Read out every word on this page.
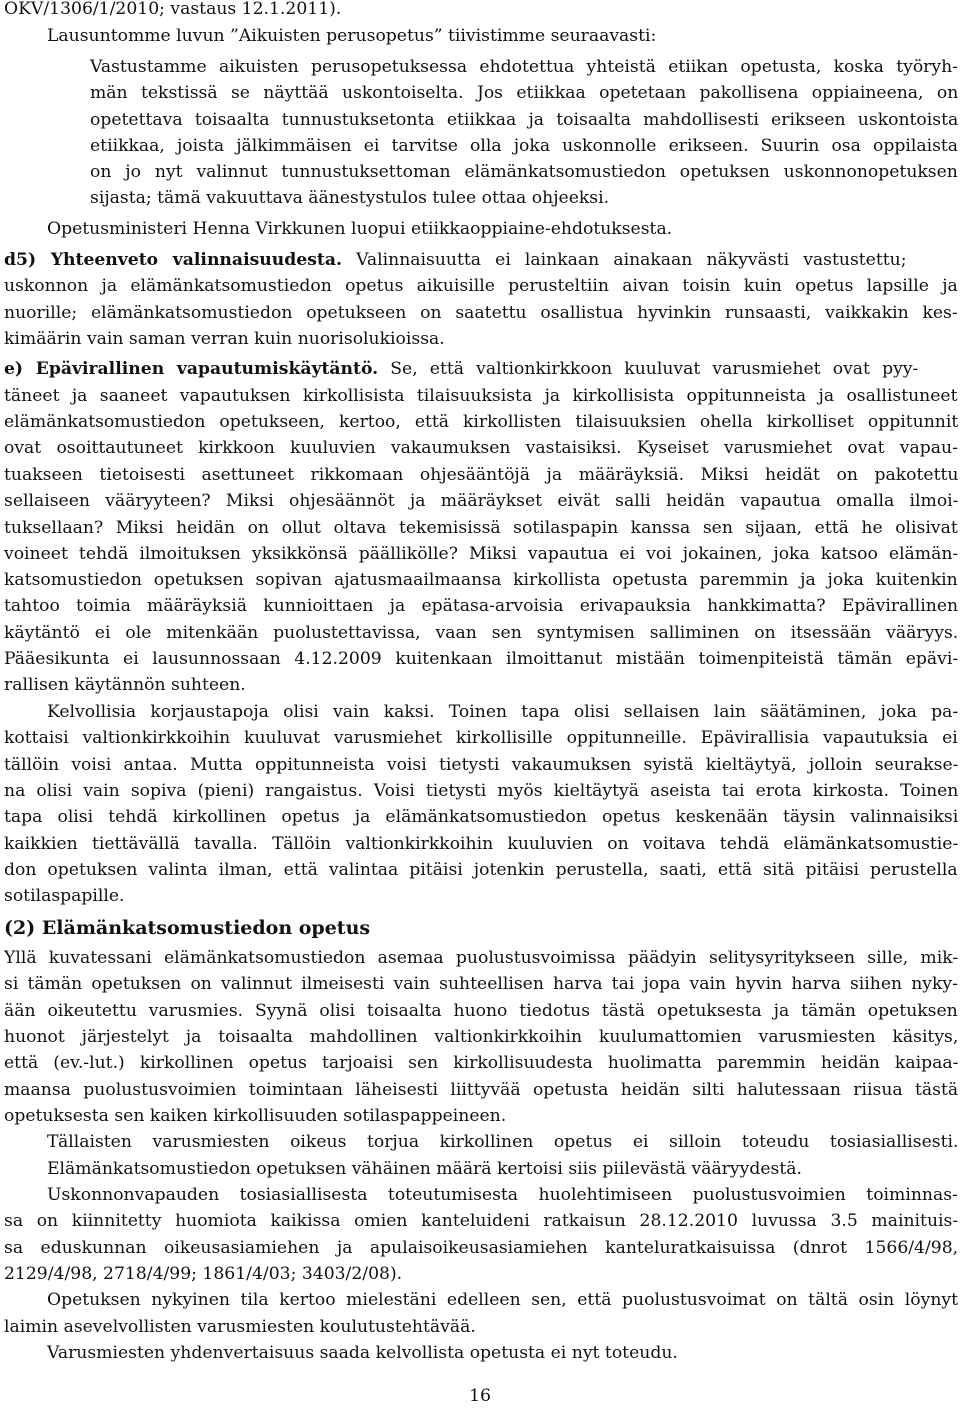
OKV/1306/1/2010; vastaus 12.1.2011).
Lausuntomme luvun ”Aikuisten perusopetus” tiivistimme seuraavasti:
Vastustamme aikuisten perusopetuksessa ehdotettua yhteistä etiikan opetusta, koska työryh-
män tekstissä se näyttää uskontoiselta. Jos etiikkaa opetetaan pakollisena oppiaineena, on
opetettava toisaalta tunnustuksetonta etiikkaa ja toisaalta mahdollisesti erikseen uskontoista
etiikkaa, joista jälkimmäisen ei tarvitse olla joka uskonnolle erikseen. Suurin osa oppilaista
on jo nyt valinnut tunnustuksettoman elämänkatsomustiedon opetuksen uskonnonopetuksen
sijasta; tämä vakuuttava äänestystulos tulee ottaa ohjeeksi.
Opetusministeri Henna Virkkunen luopui etiikkaoppiaine-ehdotuksesta.
d5) Yhteenveto valinnaisuudesta. Valinnaisuutta ei lainkaan ainakaan näkyvästi vastustettu;
uskonnon ja elämänkatsomustiedon opetus aikuisille perusteltiin aivan toisin kuin opetus lapsille ja
nuorille; elämänkatsomustiedon opetukseen on saatettu osallistua hyvinkin runsaasti, vaikkakin kes-
kimäärin vain saman verran kuin nuorisolukioissa.
e) Epävirallinen vapautumiskäytäntö. Se, että valtionkirkkoon kuuluvat varusmiehet ovat pyy-
täneet ja saaneet vapautuksen kirkollisista tilaisuuksista ja kirkollisista oppitunneista ja osallistuneet
elämänkatsomustiedon opetukseen, kertoo, että kirkollisten tilaisuuksien ohella kirkolliset oppitunnit
ovat osoittautuneet kirkkoon kuuluvien vakaumuksen vastaisiksi. Kyseiset varusmiehet ovat vapau-
tuakseen tietoisesti asettuneet rikkomaan ohjesääntöjä ja määräyksiä. Miksi heidät on pakotettu
sellaiseen vääryyteen? Miksi ohjesäännöt ja määräykset eivät salli heidän vapautua omalla ilmoi-
tuksellaan? Miksi heidän on ollut oltava tekemisissä sotilaspapin kanssa sen sijaan, että he olisivat
voineet tehdä ilmoituksen yksikkönsä päällikölle? Miksi vapautua ei voi jokainen, joka katsoo elämän-
katsomustiedon opetuksen sopivan ajatusmaailmaansa kirkollista opetusta paremmin ja joka kuitenkin
tahtoo toimia määräyksiä kunnioittaen ja epätasa-arvoisia erivapauksia hankkimatta? Epävirallinen
käytäntö ei ole mitenkään puolustettavissa, vaan sen syntymisen salliminen on itsessään vääryys.
Pääesikunta ei lausunnossaan 4.12.2009 kuitenkaan ilmoittanut mistään toimenpiteistä tämän epävi-
rallisen käytännön suhteen.
Kelvollisia korjaustapoja olisi vain kaksi. Toinen tapa olisi sellaisen lain säätäminen, joka pa-
kottaisi valtionkirkkoihin kuuluvat varusmiehet kirkollisille oppitunneille. Epävirallisia vapautuksia ei
tällöin voisi antaa. Mutta oppitunneista voisi tietysti vakaumuksen syistä kieltäytyä, jolloin seurakse-
na olisi vain sopiva (pieni) rangaistus. Voisi tietysti myös kieltäytyä aseista tai erota kirkosta. Toinen
tapa olisi tehdä kirkollinen opetus ja elämänkatsomustiedon opetus keskenään täysin valinnaisiksi
kaikkien tiettävällä tavalla. Tällöin valtionkirkkoihin kuuluvien on voitava tehdä elämänkatsomustie-
don opetuksen valinta ilman, että valintaa pitäisi jotenkin perustella, saati, että sitä pitäisi perustella
sotilaspapille.
(2) Elämänkatsomustiedon opetus
Yllä kuvatessani elämänkatsomustiedon asemaa puolustusvoimissa päädyin selitysyritykseen sille, mik-
si tämän opetuksen on valinnut ilmeisesti vain suhteellisen harva tai jopa vain hyvin harva siihen nyky-
ään oikeutettu varusmies. Syynä olisi toisaalta huono tiedotus tästä opetuksesta ja tämän opetuksen
huonot järjestelyt ja toisaalta mahdollinen valtionkirkkoihin kuulumattomien varusmiesten käsitys,
että (ev.-lut.) kirkollinen opetus tarjoaisi sen kirkollisuudesta huolimatta paremmin heidän kaipaa-
maansa puolustusvoimien toimintaan läheisesti liittyvää opetusta heidän silti halutessaan riisua tästä
opetuksesta sen kaiken kirkollisuuden sotilaspappeineen.
Tällaisten varusmiesten oikeus torjua kirkollinen opetus ei silloin toteudu tosiasiallisesti.
Elämänkatsomustiedon opetuksen vähäinen määrä kertoisi siis piilevästä vääryydestä.
Uskonnonvapauden tosiasiallisesta toteutumisesta huolehtimiseen puolustusvoimien toiminnas-
sa on kiinnitetty huomiota kaikissa omien kanteluideni ratkaisun 28.12.2010 luvussa 3.5 mainituis-
sa eduskunnan oikeusasiamiehen ja apulaisoikeusasiamiehen kanteluratkaisuissa (dnrot 1566/4/98,
2129/4/98, 2718/4/99; 1861/4/03; 3403/2/08).
Opetuksen nykyinen tila kertoo mielestäni edelleen sen, että puolustusvoimat on tältä osin löynyt
laimin asevelvollisten varusmiesten koulutustehtävää.
Varusmiesten yhdenvertaisuus saada kelvollista opetusta ei nyt toteudu.
16
